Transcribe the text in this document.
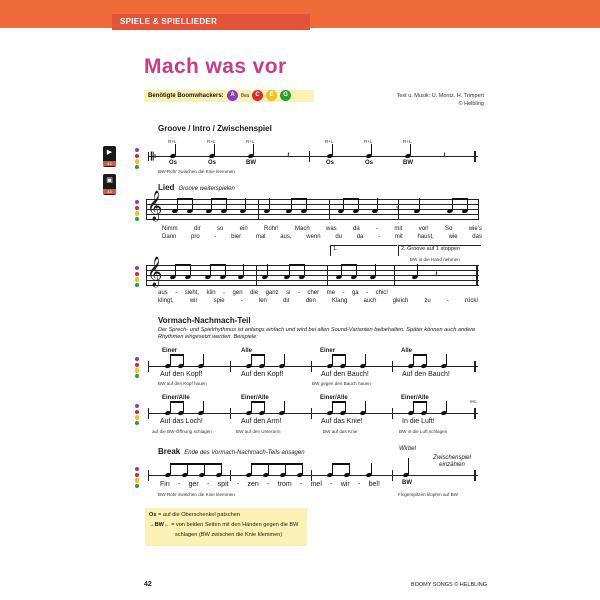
SPIELE & SPIELLIEDER
Mach was vor
Benötigte Boomwhackers:	A	8va	C	E	G	Text u. Musik: U. Montz, H. Trimpert
© Helbling
▶
42
▣
43
Groove / Intro / Zwischenspiel
𝄆	𝄽	𝄽
R+L	R+L	R+L	R+L	R+L	R+L
Os	Os	BW	Os	Os	BW
BW-Rohr zwischen die Knie klemmen
Lied Groove weiterspielen
𝄞	𝄾
Nimm	dir	so	ein	Rohr!	Mach	was	da	-	mit	vor!	So	wie’s
Dann pro - bier mal aus, wenn du da - mit haust, wie das
1.	2. Groove auf 1 stoppen
BW in die Hand nehmen
𝄞	𝄽
aus - sieht, klin - gen die ganz si - cher me - ga - chic!
klingt,	wir	spie	-	len	dir	den	Klang	auch	gleich	zu	-	rück!
Vormach-Nachmach-Teil
Der Sprech- und Spielrhythmus ist anfangs einfach und wird bei allen Sound-Varianten beibehalten. Später können auch andere Rhythmen eingesetzt werden. Beispiele:
Einer	Alle	Einer	Alle
Auf den Kopf!	Auf den Kopf!	Auf den Bauch!	Auf den Bauch!
BW auf den Kopf hauen	BW gegen den Bauch hauen
Einer/Alle	Einer/Alle	Einer/Alle	Einer/Alle
etc.
Auf das Loch!	Auf den Arm!	Auf das Knie!	In die Luft!
auf die BW-Öffnung schlagen	BW auf den Unterarm	BW auf das Knie	BW in die Luft schlagen
Break Ende des Vormach-Nachmach-Teils ansagen
Wirbel
Zwischenspiel einzählen
BW
Fin - ger - spit - zen - trom - mel - wir - bel!
BW-Rohr zwischen die Knie klemmen	Fingerspitzen klopfen auf BW
Os = auf die Oberschenkel patschen
→BW← = von beiden Seiten mit den Händen gegen die BW
schlagen (BW zwischen die Knie klemmen)
42	BOOMY SONGS © HELBLING
